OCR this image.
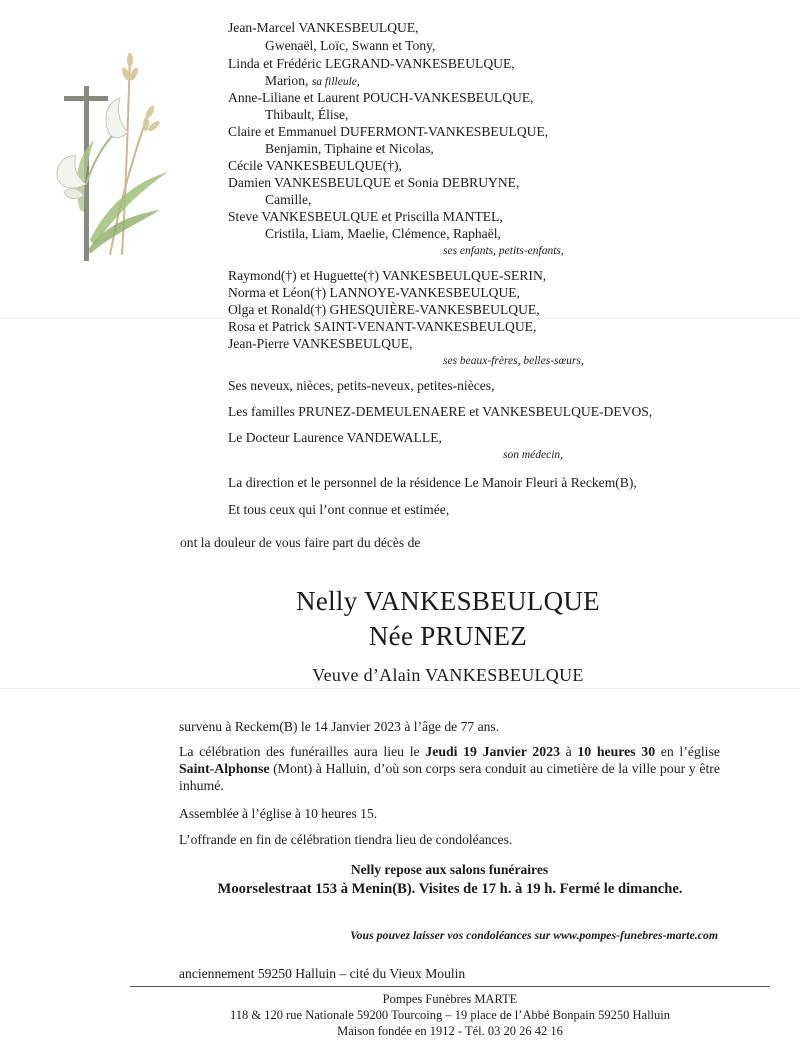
Jean-Marcel VANKESBEULQUE,
Gwenaël, Loïc, Swann et Tony,
Linda et Frédéric LEGRAND-VANKESBEULQUE,
Marion, sa filleule,
Anne-Liliane et Laurent POUCH-VANKESBEULQUE,
Thibault, Élise,
Claire et Emmanuel DUFERMONT-VANKESBEULQUE,
Benjamin, Tiphaine et Nicolas,
Cécile VANKESBEULQUE(†),
Damien VANKESBEULQUE et Sonia DEBRUYNE,
Camille,
Steve VANKESBEULQUE et Priscilla MANTEL,
Cristila, Liam, Maelie, Clémence, Raphaël,
ses enfants, petits-enfants,
Raymond(†) et Huguette(†) VANKESBEULQUE-SERIN,
Norma et Léon(†) LANNOYE-VANKESBEULQUE,
Olga et Ronald(†) GHESQUIÈRE-VANKESBEULQUE,
Rosa et Patrick SAINT-VENANT-VANKESBEULQUE,
Jean-Pierre VANKESBEULQUE,
ses beaux-frères, belles-sœurs,
Ses neveux, nièces, petits-neveux, petites-nièces,
Les familles PRUNEZ-DEMEULENAERE et VANKESBEULQUE-DEVOS,
Le Docteur Laurence VANDEWALLE,
son médecin,
La direction et le personnel de la résidence Le Manoir Fleuri à Reckem(B),
Et tous ceux qui l’ont connue et estimée,
ont la douleur de vous faire part du décès de
Nelly VANKESBEULQUE
Née PRUNEZ
Veuve d’Alain VANKESBEULQUE
survenu à Reckem(B) le 14 Janvier 2023 à l’âge de 77 ans.
La célébration des funérailles aura lieu le Jeudi 19 Janvier 2023 à 10 heures 30 en l’église Saint-Alphonse (Mont) à Halluin, d’où son corps sera conduit au cimetière de la ville pour y être inhumé.
Assemblée à l’église à 10 heures 15.
L’offrande en fin de célébration tiendra lieu de condoléances.
Nelly repose aux salons funéraires
Moorselestraat 153 à Menin(B). Visites de 17 h. à 19 h. Fermé le dimanche.
Vous pouvez laisser vos condoléances sur www.pompes-funebres-marte.com
anciennement 59250 Halluin – cité du Vieux Moulin
Pompes Funèbres MARTE
118 & 120 rue Nationale 59200 Tourcoing – 19 place de l’Abbé Bonpain 59250 Halluin
Maison fondée en 1912 - Tél. 03 20 26 42 16
